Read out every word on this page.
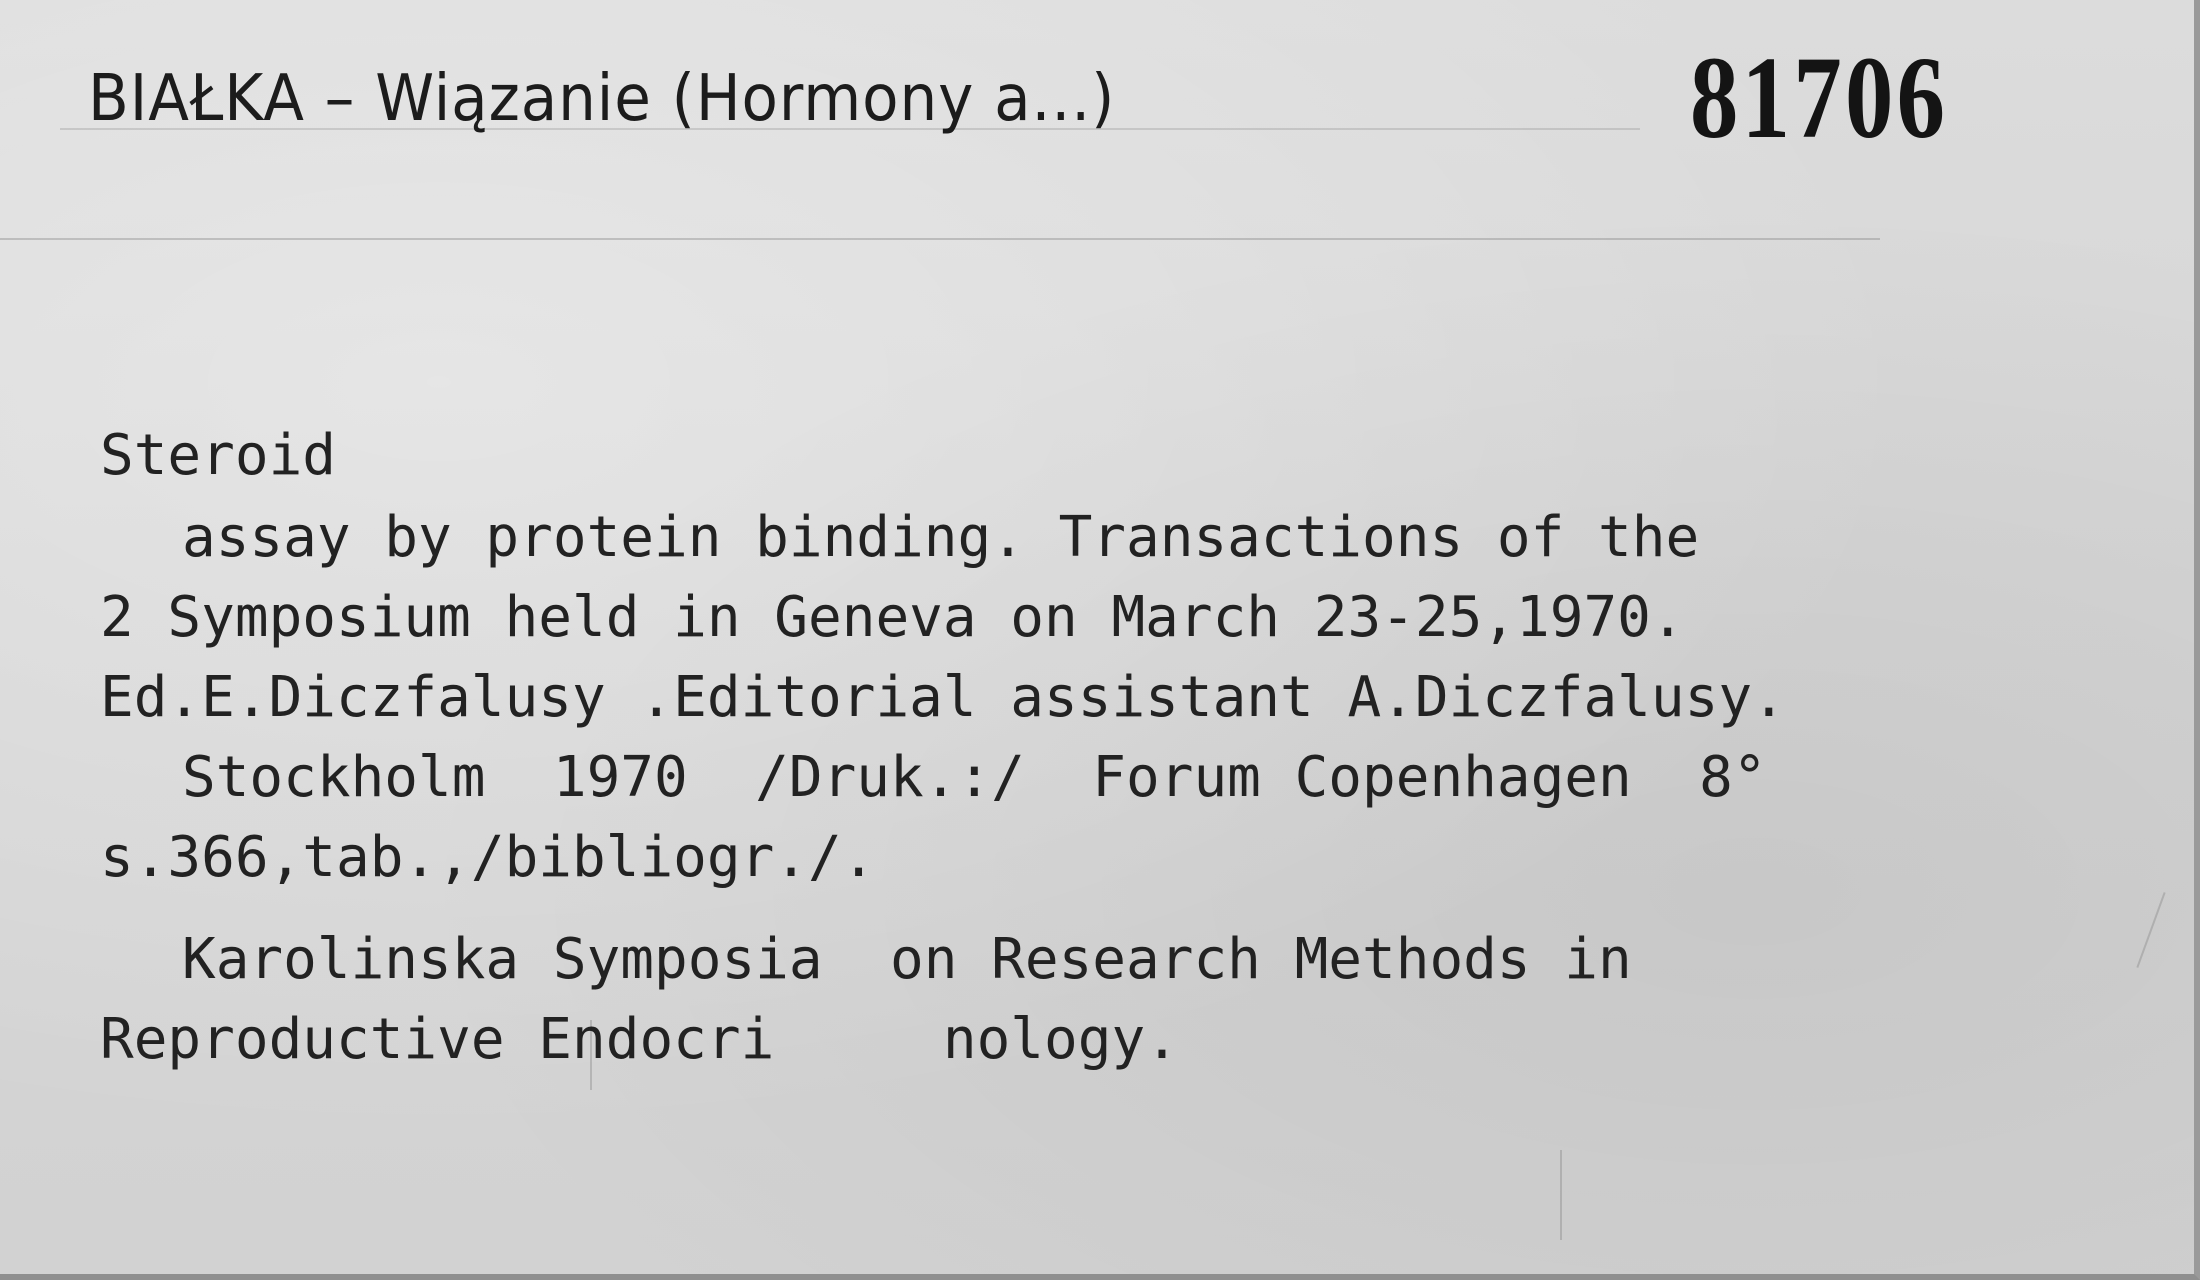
BIAŁKA – Wiązanie (Hormony a...)	81706
Steroid
assay by protein binding. Transactions of the
2 Symposium held in Geneva on March 23-25,1970.
Ed.E.Diczfalusy .Editorial assistant A.Diczfalusy.
Stockholm  1970  /Druk.:/  Forum Copenhagen  8°
s.366,tab.,/bibliogr./.
Karolinska Symposia  on Research Methods in
Reproductive Endocri     nology.
